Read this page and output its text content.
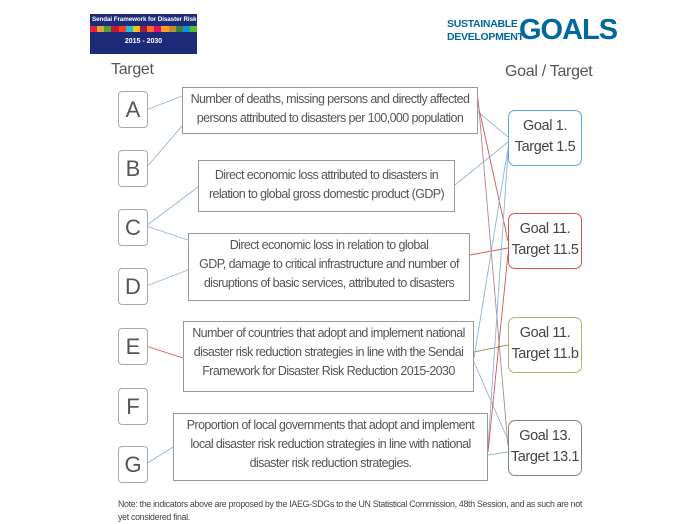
Sendai Framework for Disaster Risk Reduction
2015 - 2030
SUSTAINABLE
DEVELOPMENT
GOALS
Target	Goal / Target
A
B
C
D
E
F
G
Number of deaths, missing persons and directly affected
persons attributed to disasters per 100,000 population
Direct economic loss attributed to disasters in
relation to global gross domestic product (GDP)
Direct economic loss in relation to global
GDP, damage to critical infrastructure and number of
disruptions of basic services, attributed to disasters
Number of countries that adopt and implement national
disaster risk reduction strategies in line with the Sendai
Framework for Disaster Risk Reduction 2015-2030
Proportion of local governments that adopt and implement
local disaster risk reduction strategies in line with national
disaster risk reduction strategies.
Goal 1.
Target 1.5
Goal 11.
Target 11.5
Goal 11.
Target 11.b
Goal 13.
Target 13.1
Note: the indicators above are proposed by the IAEG-SDGs to the UN Statistical Commission, 48th Session, and as such are not yet considered final.
